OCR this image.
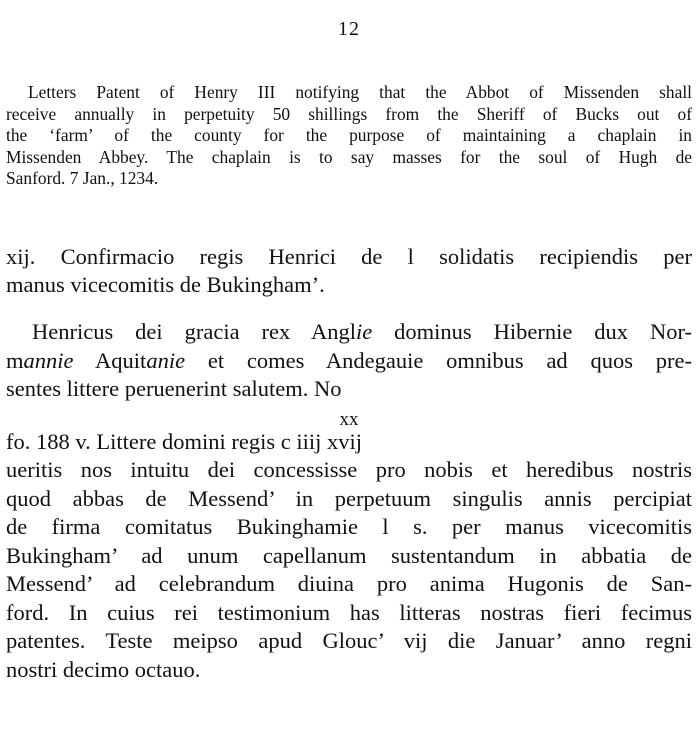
12
Letters Patent of Henry III notifying that the Abbot of Missenden shall
receive annually in perpetuity 50 shillings from the Sheriff of Bucks out of
the ‘farm’ of the county for the purpose of maintaining a chaplain in
Missenden Abbey. The chaplain is to say masses for the soul of Hugh de
Sanford. 7 Jan., 1234.
xij. Confirmacio regis Henrici de l solidatis recipiendis per
manus vicecomitis de Bukingham’.
Henricus dei gracia rex Anglie dominus Hibernie dux Nor-
mannie Aquitanie et comes Andegauie omnibus ad quos pre-
sentes littere peruenerint salutem. No
xx
fo. 188 v. Littere domini regis c iiij xvij
ueritis nos intuitu dei concessisse pro nobis et heredibus nostris
quod abbas de Messend’ in perpetuum singulis annis percipiat
de firma comitatus Bukinghamie l s. per manus vicecomitis
Bukingham’ ad unum capellanum sustentandum in abbatia de
Messend’ ad celebrandum diuina pro anima Hugonis de San-
ford. In cuius rei testimonium has litteras nostras fieri fecimus
patentes. Teste meipso apud Glouc’ vij die Januar’ anno regni
nostri decimo octauo.
